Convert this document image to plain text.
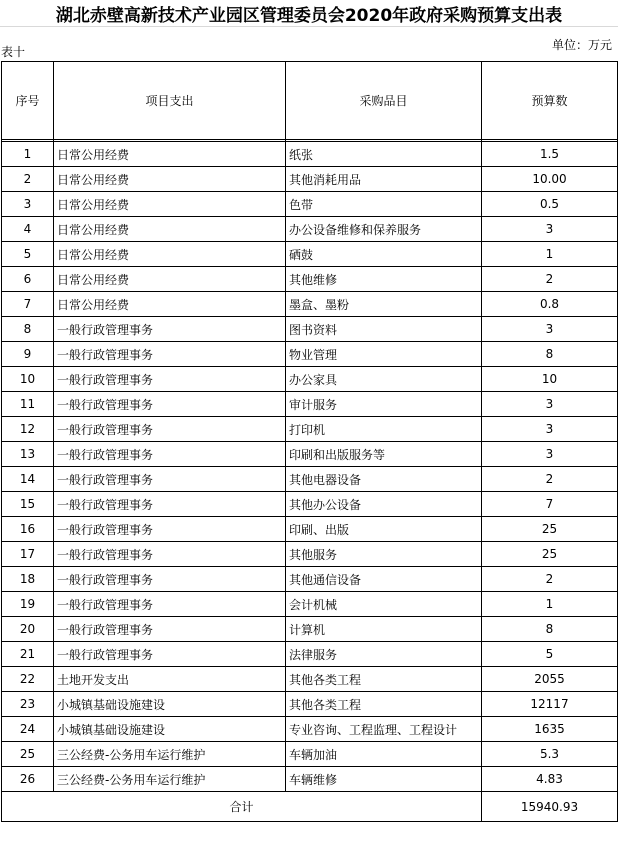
湖北赤壁高新技术产业园区管理委员会2020年政府采购预算支出表
表十	单位：万元
序号	项目支出	采购品目	预算数

1	日常公用经费	纸张	1.5
2	日常公用经费	其他消耗用品	10.00
3	日常公用经费	色带	0.5
4	日常公用经费	办公设备维修和保养服务	3
5	日常公用经费	硒鼓	1
6	日常公用经费	其他维修	2
7	日常公用经费	墨盒、墨粉	0.8
8	一般行政管理事务	图书资料	3
9	一般行政管理事务	物业管理	8
10	一般行政管理事务	办公家具	10
11	一般行政管理事务	审计服务	3
12	一般行政管理事务	打印机	3
13	一般行政管理事务	印刷和出版服务等	3
14	一般行政管理事务	其他电器设备	2
15	一般行政管理事务	其他办公设备	7
16	一般行政管理事务	印刷、出版	25
17	一般行政管理事务	其他服务	25
18	一般行政管理事务	其他通信设备	2
19	一般行政管理事务	会计机械	1
20	一般行政管理事务	计算机	8
21	一般行政管理事务	法律服务	5
22	土地开发支出	其他各类工程	2055
23	小城镇基础设施建设	其他各类工程	12117
24	小城镇基础设施建设	专业咨询、工程监理、工程设计	1635
25	三公经费-公务用车运行维护	车辆加油	5.3
26	三公经费-公务用车运行维护	车辆维修	4.83
合计			15940.93
